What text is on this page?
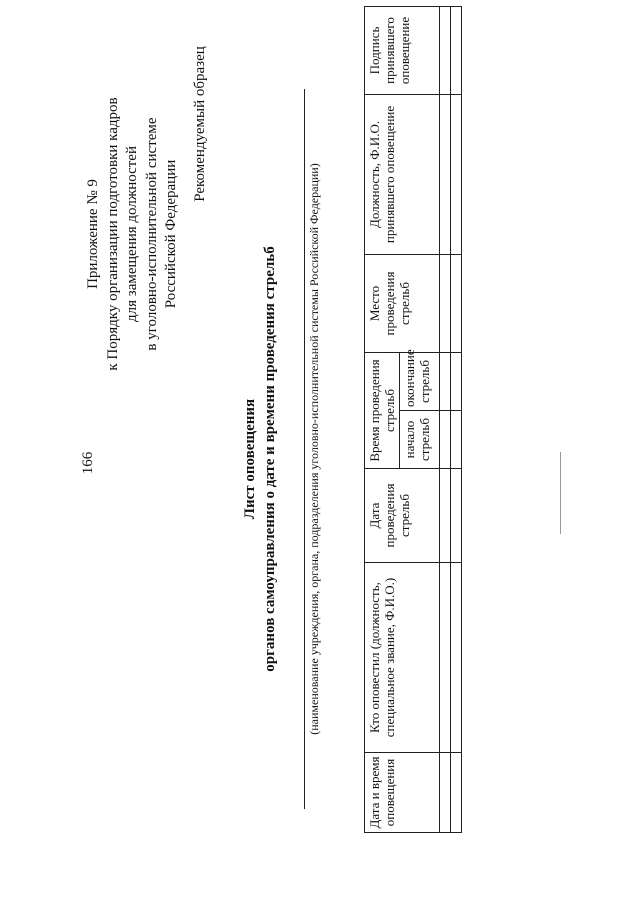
166
Приложение № 9 к Порядку организации подготовки кадров для замещения должностей в уголовно-исполнительной системе Российской Федерации
Рекомендуемый образец
Лист оповещения органов самоуправления о дате и времени проведения стрельб (наименование учреждения, органа, подразделения уголовно-исполнительной системы Российской Федерации)
Дата и время оповещения	Кто оповестил (должность, специальное звание, Ф.И.О.)	Дата проведения стрельб	Время проведения стрельб		Место проведения стрельб	Должность, Ф.И.О. принявшего оповещение	Подпись принявшего оповещение
			начало стрельб	окончание стрельб			
